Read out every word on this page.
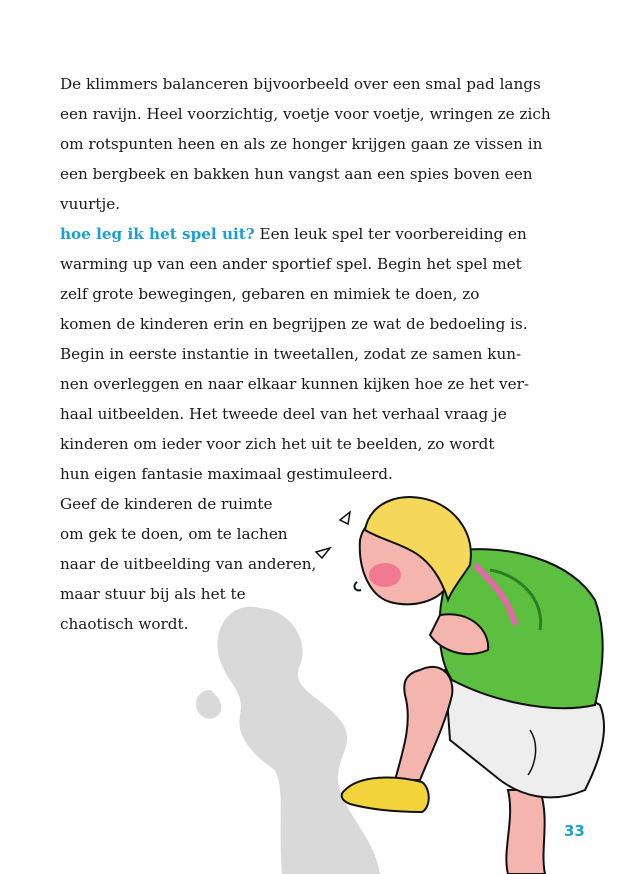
De klimmers balanceren bijvoorbeeld over een smal pad langs
een ravijn. Heel voorzichtig, voetje voor voetje, wringen ze zich
om rotspunten heen en als ze honger krijgen gaan ze vissen in
een bergbeek en bakken hun vangst aan een spies boven een
vuurtje.
hoe leg ik het spel uit? Een leuk spel ter voorbereiding en
warming up van een ander sportief spel. Begin het spel met
zelf grote bewegingen, gebaren en mimiek te doen, zo
komen de kinderen erin en begrijpen ze wat de bedoeling is.
Begin in eerste instantie in tweetallen, zodat ze samen kun-
nen overleggen en naar elkaar kunnen kijken hoe ze het ver-
haal uitbeelden. Het tweede deel van het verhaal vraag je
kinderen om ieder voor zich het uit te beelden, zo wordt
hun eigen fantasie maximaal gestimuleerd.
Geef de kinderen de ruimte
om gek te doen, om te lachen
naar de uitbeelding van anderen,
maar stuur bij als het te
chaotisch wordt.
33
